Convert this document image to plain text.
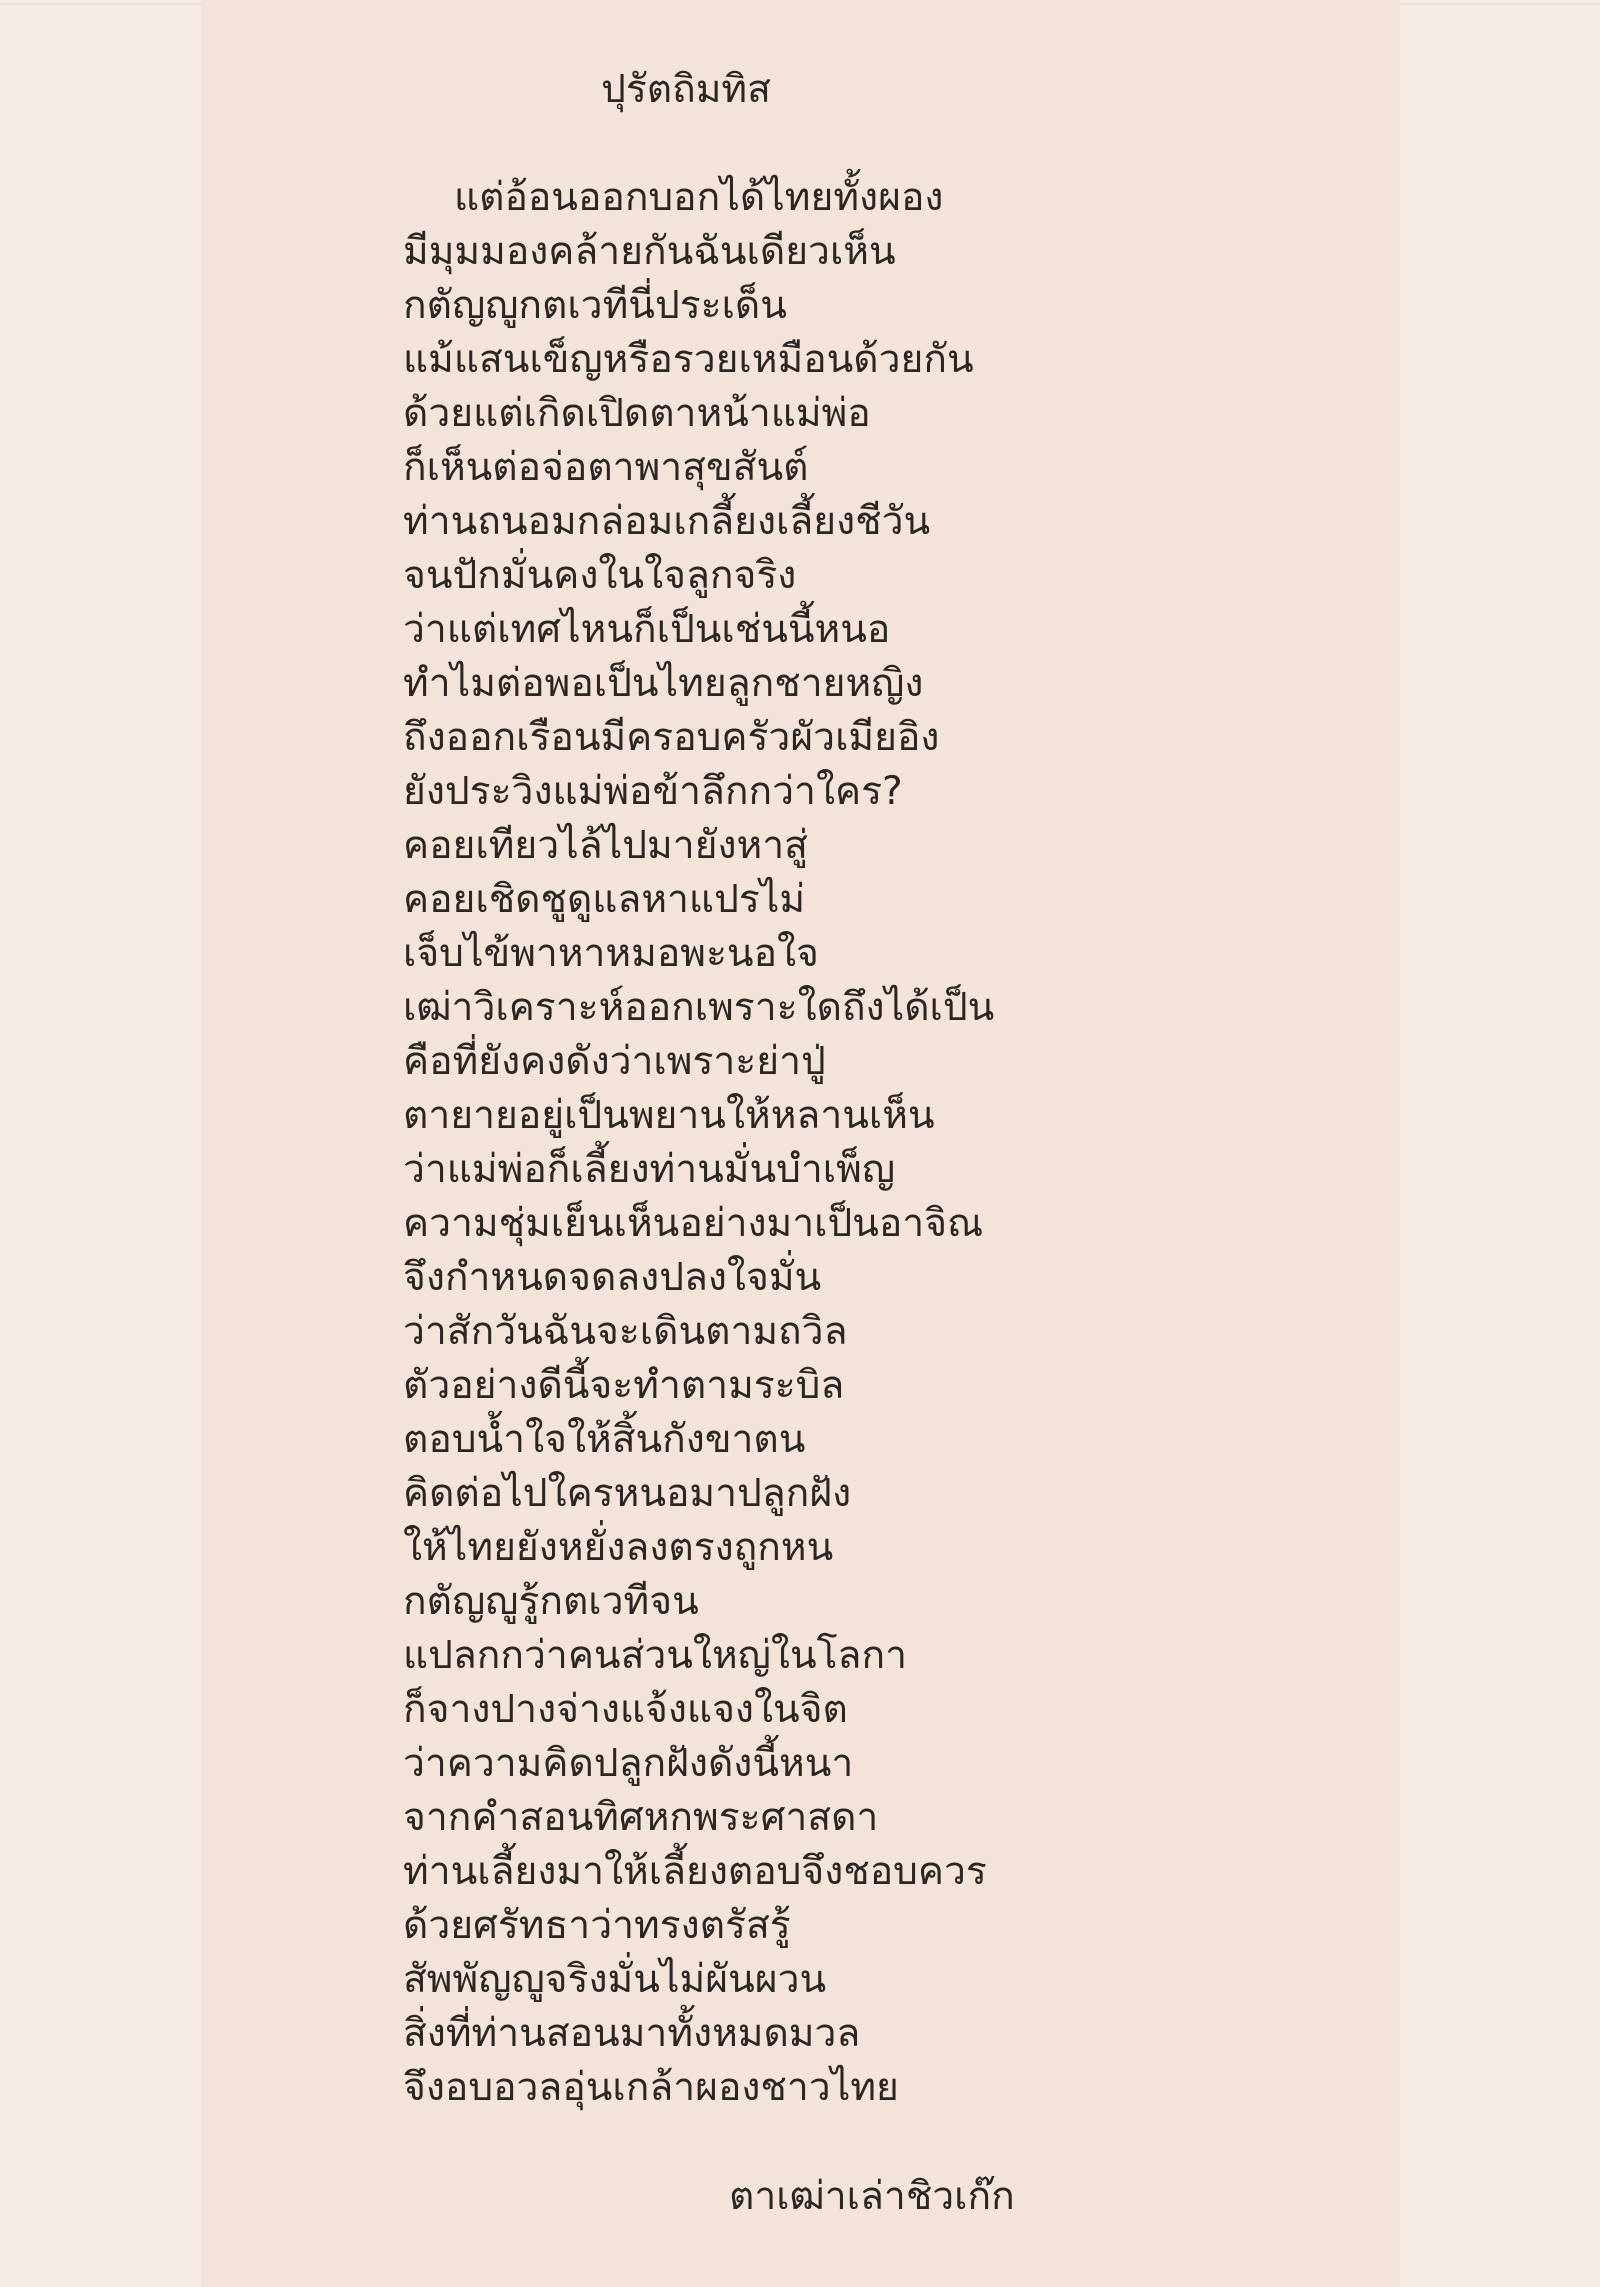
ปุรัตถิมทิส
แต่อ้อนออกบอกได้ไทยทั้งผอง
มีมุมมองคล้ายกันฉันเดียวเห็น
กตัญญูกตเวทีนี่ประเด็น
แม้แสนเข็ญหรือรวยเหมือนด้วยกัน
ด้วยแต่เกิดเปิดตาหน้าแม่พ่อ
ก็เห็นต่อจ่อตาพาสุขสันต์
ท่านถนอมกล่อมเกลี้ยงเลี้ยงชีวัน
จนปักมั่นคงในใจลูกจริง
ว่าแต่เทศไหนก็เป็นเช่นนี้หนอ
ทำไมต่อพอเป็นไทยลูกชายหญิง
ถึงออกเรือนมีครอบครัวผัวเมียอิง
ยังประวิงแม่พ่อข้าลึกกว่าใคร?
คอยเทียวไล้ไปมายังหาสู่
คอยเชิดชูดูแลหาแปรไม่
เจ็บไข้พาหาหมอพะนอใจ
เฒ่าวิเคราะห์ออกเพราะใดถึงได้เป็น
คือที่ยังคงดังว่าเพราะย่าปู่
ตายายอยู่เป็นพยานให้หลานเห็น
ว่าแม่พ่อก็เลี้ยงท่านมั่นบำเพ็ญ
ความชุ่มเย็นเห็นอย่างมาเป็นอาจิณ
จึงกำหนดจดลงปลงใจมั่น
ว่าสักวันฉันจะเดินตามถวิล
ตัวอย่างดีนี้จะทำตามระบิล
ตอบน้ำใจให้สิ้นกังขาตน
คิดต่อไปใครหนอมาปลูกฝัง
ให้ไทยยังหยั่งลงตรงถูกหน
กตัญญูรู้กตเวทีจน
แปลกกว่าคนส่วนใหญ่ในโลกา
ก็จางปางจ่างแจ้งแจงในจิต
ว่าความคิดปลูกฝังดังนี้หนา
จากคำสอนทิศหกพระศาสดา
ท่านเลี้ยงมาให้เลี้ยงตอบจึงชอบควร
ด้วยศรัทธาว่าทรงตรัสรู้
สัพพัญญูจริงมั่นไม่ผันผวน
สิ่งที่ท่านสอนมาทั้งหมดมวล
จึงอบอวลอุ่นเกล้าผองชาวไทย
ตาเฒ่าเล่าชิวเก๊ก
